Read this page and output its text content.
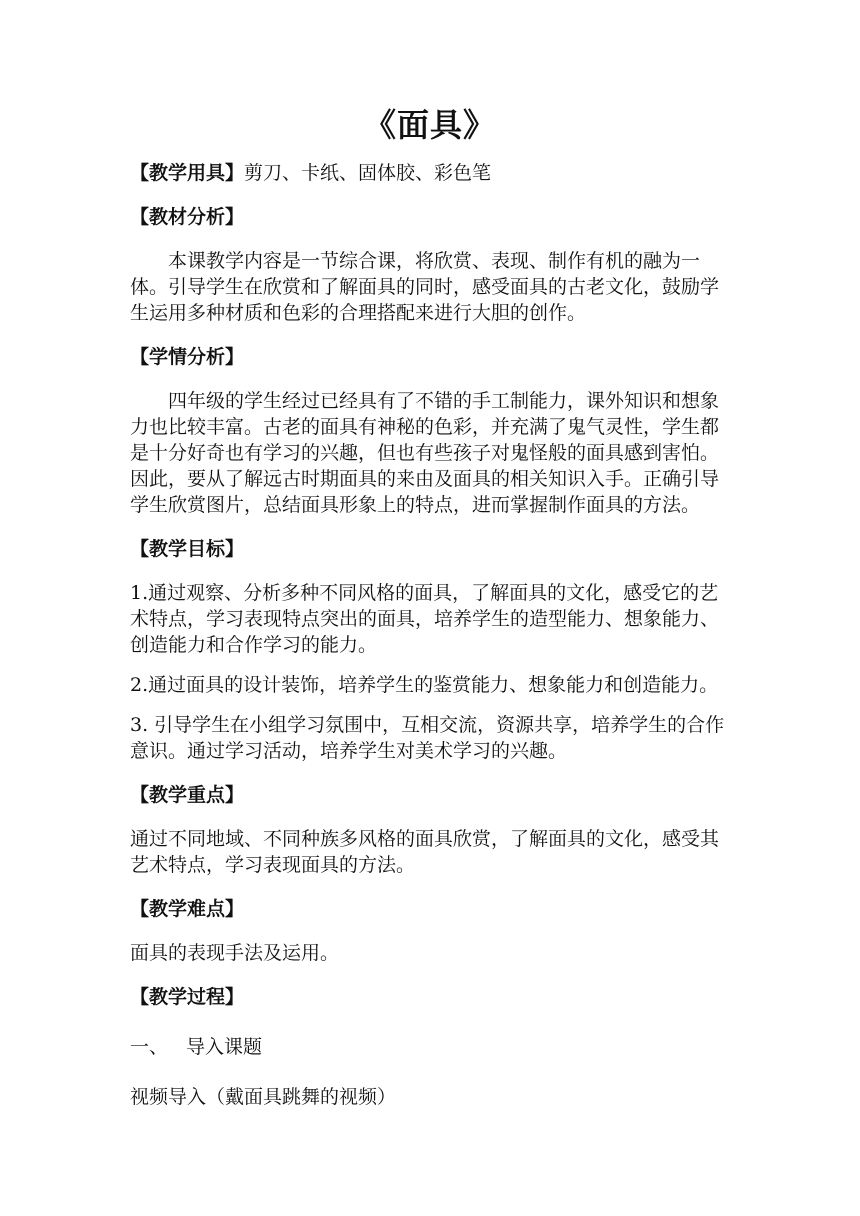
《面具》

【教学用具】剪刀、卡纸、固体胶、彩色笔

【教材分析】

本课教学内容是一节综合课，将欣赏、表现、制作有机的融为一体。引导学生在欣赏和了解面具的同时，感受面具的古老文化，鼓励学生运用多种材质和色彩的合理搭配来进行大胆的创作。

【学情分析】

四年级的学生经过已经具有了不错的手工制能力，课外知识和想象力也比较丰富。古老的面具有神秘的色彩，并充满了鬼气灵性，学生都是十分好奇也有学习的兴趣，但也有些孩子对鬼怪般的面具感到害怕。因此，要从了解远古时期面具的来由及面具的相关知识入手。正确引导学生欣赏图片，总结面具形象上的特点，进而掌握制作面具的方法。

【教学目标】

1.通过观察、分析多种不同风格的面具，了解面具的文化，感受它的艺术特点，学习表现特点突出的面具，培养学生的造型能力、想象能力、创造能力和合作学习的能力。

2.通过面具的设计装饰，培养学生的鉴赏能力、想象能力和创造能力。

3. 引导学生在小组学习氛围中，互相交流，资源共享，培养学生的合作意识。通过学习活动，培养学生对美术学习的兴趣。

【教学重点】

通过不同地域、不同种族多风格的面具欣赏，了解面具的文化，感受其艺术特点，学习表现面具的方法。

【教学难点】

面具的表现手法及运用。

【教学过程】

一、 导入课题

视频导入（戴面具跳舞的视频）
